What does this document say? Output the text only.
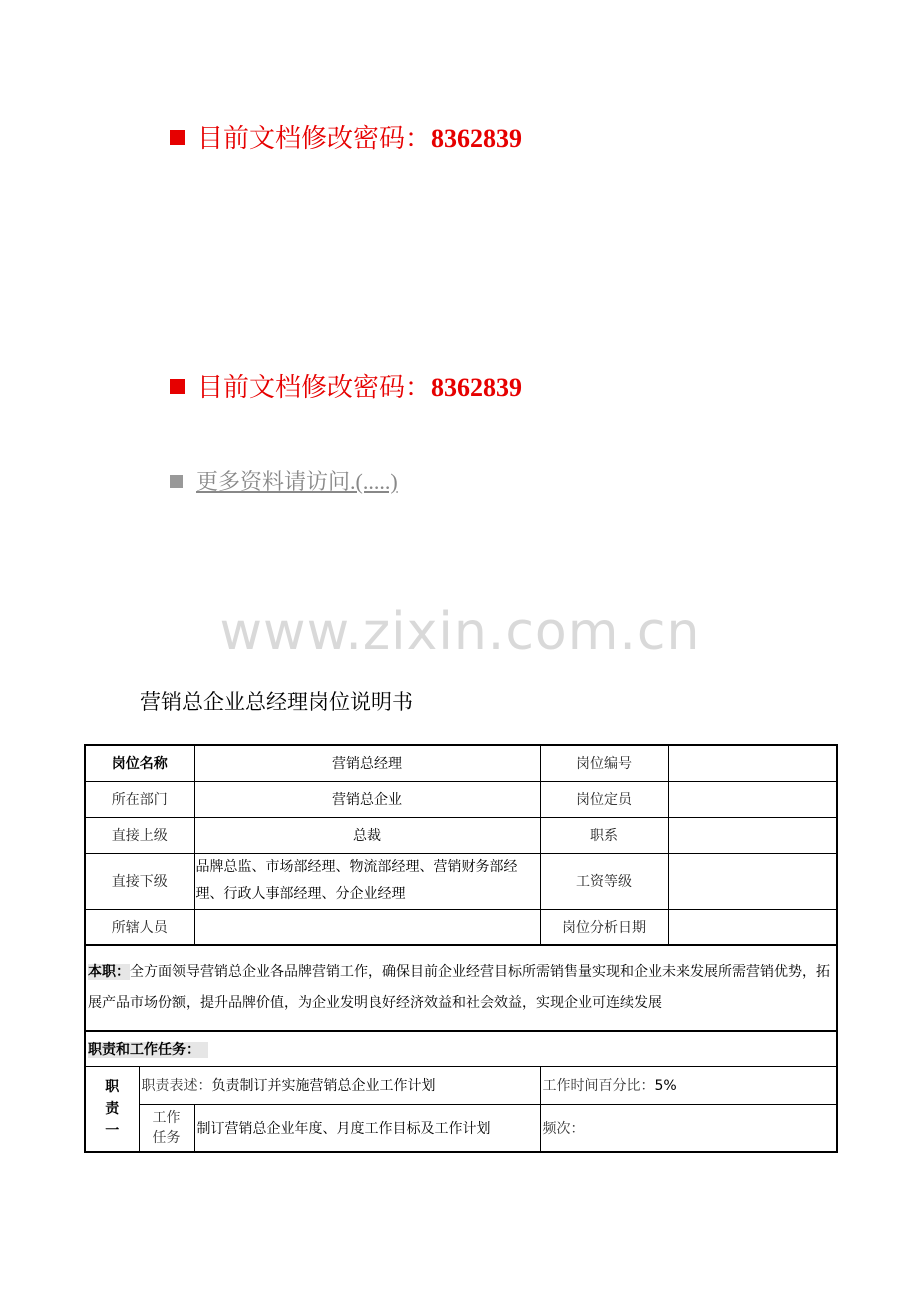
目前文档修改密码：8362839
目前文档修改密码：8362839
更多资料请访问.(.....)
www.zixin.com.cn
营销总企业总经理岗位说明书
岗位名称		营销总经理	岗位编号	
所在部门		营销总企业	岗位定员	
直接上级		总裁	职系	
直接下级		品牌总监、市场部经理、物流部经理、营销财务部经理、行政人事部经理、分企业经理	工资等级	
所辖人员			岗位分析日期	
本职：全方面领导营销总企业各品牌营销工作，确保目前企业经营目标所需销售量实现和企业未来发展所需营销优势，拓展产品市场份额，提升品牌价值，为企业发明良好经济效益和社会效益，实现企业可连续发展				
职责和工作任务：				
职责一	职责表述：负责制订并实施营销总企业工作计划		工作时间百分比：5%	
	工作任务	制订营销总企业年度、月度工作目标及工作计划	频次：	
